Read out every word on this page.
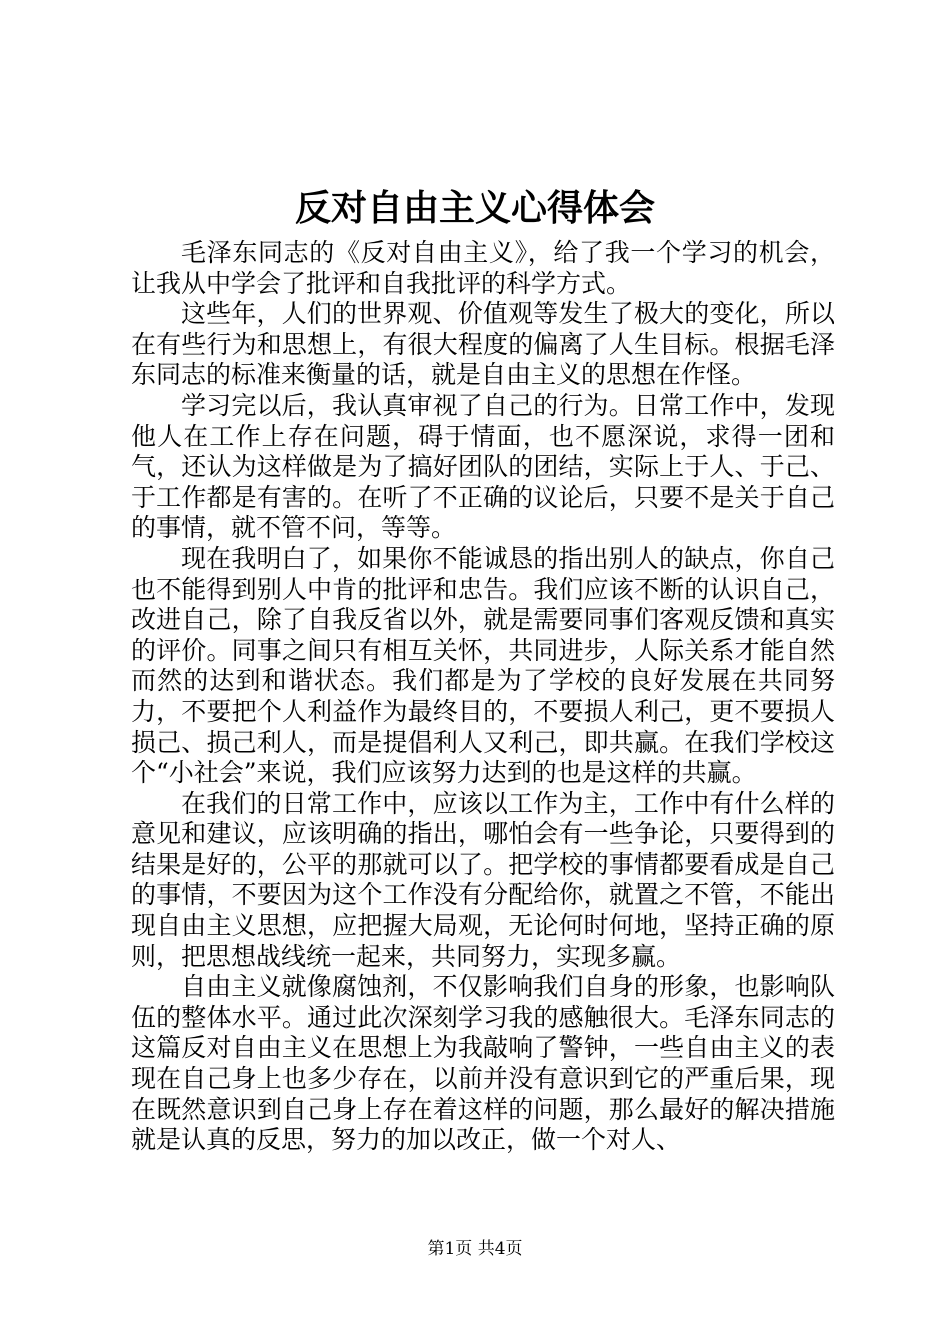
反对自由主义心得体会

毛泽东同志的《反对自由主义》，给了我一个学习的机会，让我从中学会了批评和自我批评的科学方式。

这些年，人们的世界观、价值观等发生了极大的变化，所以在有些行为和思想上，有很大程度的偏离了人生目标。根据毛泽东同志的标准来衡量的话，就是自由主义的思想在作怪。

学习完以后，我认真审视了自己的行为。日常工作中，发现他人在工作上存在问题，碍于情面，也不愿深说，求得一团和气，还认为这样做是为了搞好团队的团结，实际上于人、于己、于工作都是有害的。在听了不正确的议论后，只要不是关于自己的事情，就不管不问，等等。

现在我明白了，如果你不能诚恳的指出别人的缺点，你自己也不能得到别人中肯的批评和忠告。我们应该不断的认识自己，改进自己，除了自我反省以外，就是需要同事们客观反馈和真实的评价。同事之间只有相互关怀，共同进步，人际关系才能自然而然的达到和谐状态。我们都是为了学校的良好发展在共同努力，不要把个人利益作为最终目的，不要损人利己，更不要损人损己、损己利人，而是提倡利人又利己，即共赢。在我们学校这个“小社会”来说，我们应该努力达到的也是这样的共赢。

在我们的日常工作中，应该以工作为主，工作中有什么样的意见和建议，应该明确的指出，哪怕会有一些争论，只要得到的结果是好的，公平的那就可以了。把学校的事情都要看成是自己的事情，不要因为这个工作没有分配给你，就置之不管，不能出现自由主义思想，应把握大局观，无论何时何地，坚持正确的原则，把思想战线统一起来，共同努力，实现多赢。

自由主义就像腐蚀剂，不仅影响我们自身的形象，也影响队伍的整体水平。通过此次深刻学习我的感触很大。毛泽东同志的这篇反对自由主义在思想上为我敲响了警钟，一些自由主义的表现在自己身上也多少存在，以前并没有意识到它的严重后果，现在既然意识到自己身上存在着这样的问题，那么最好的解决措施就是认真的反思，努力的加以改正，做一个对人、

第1页 共4页
